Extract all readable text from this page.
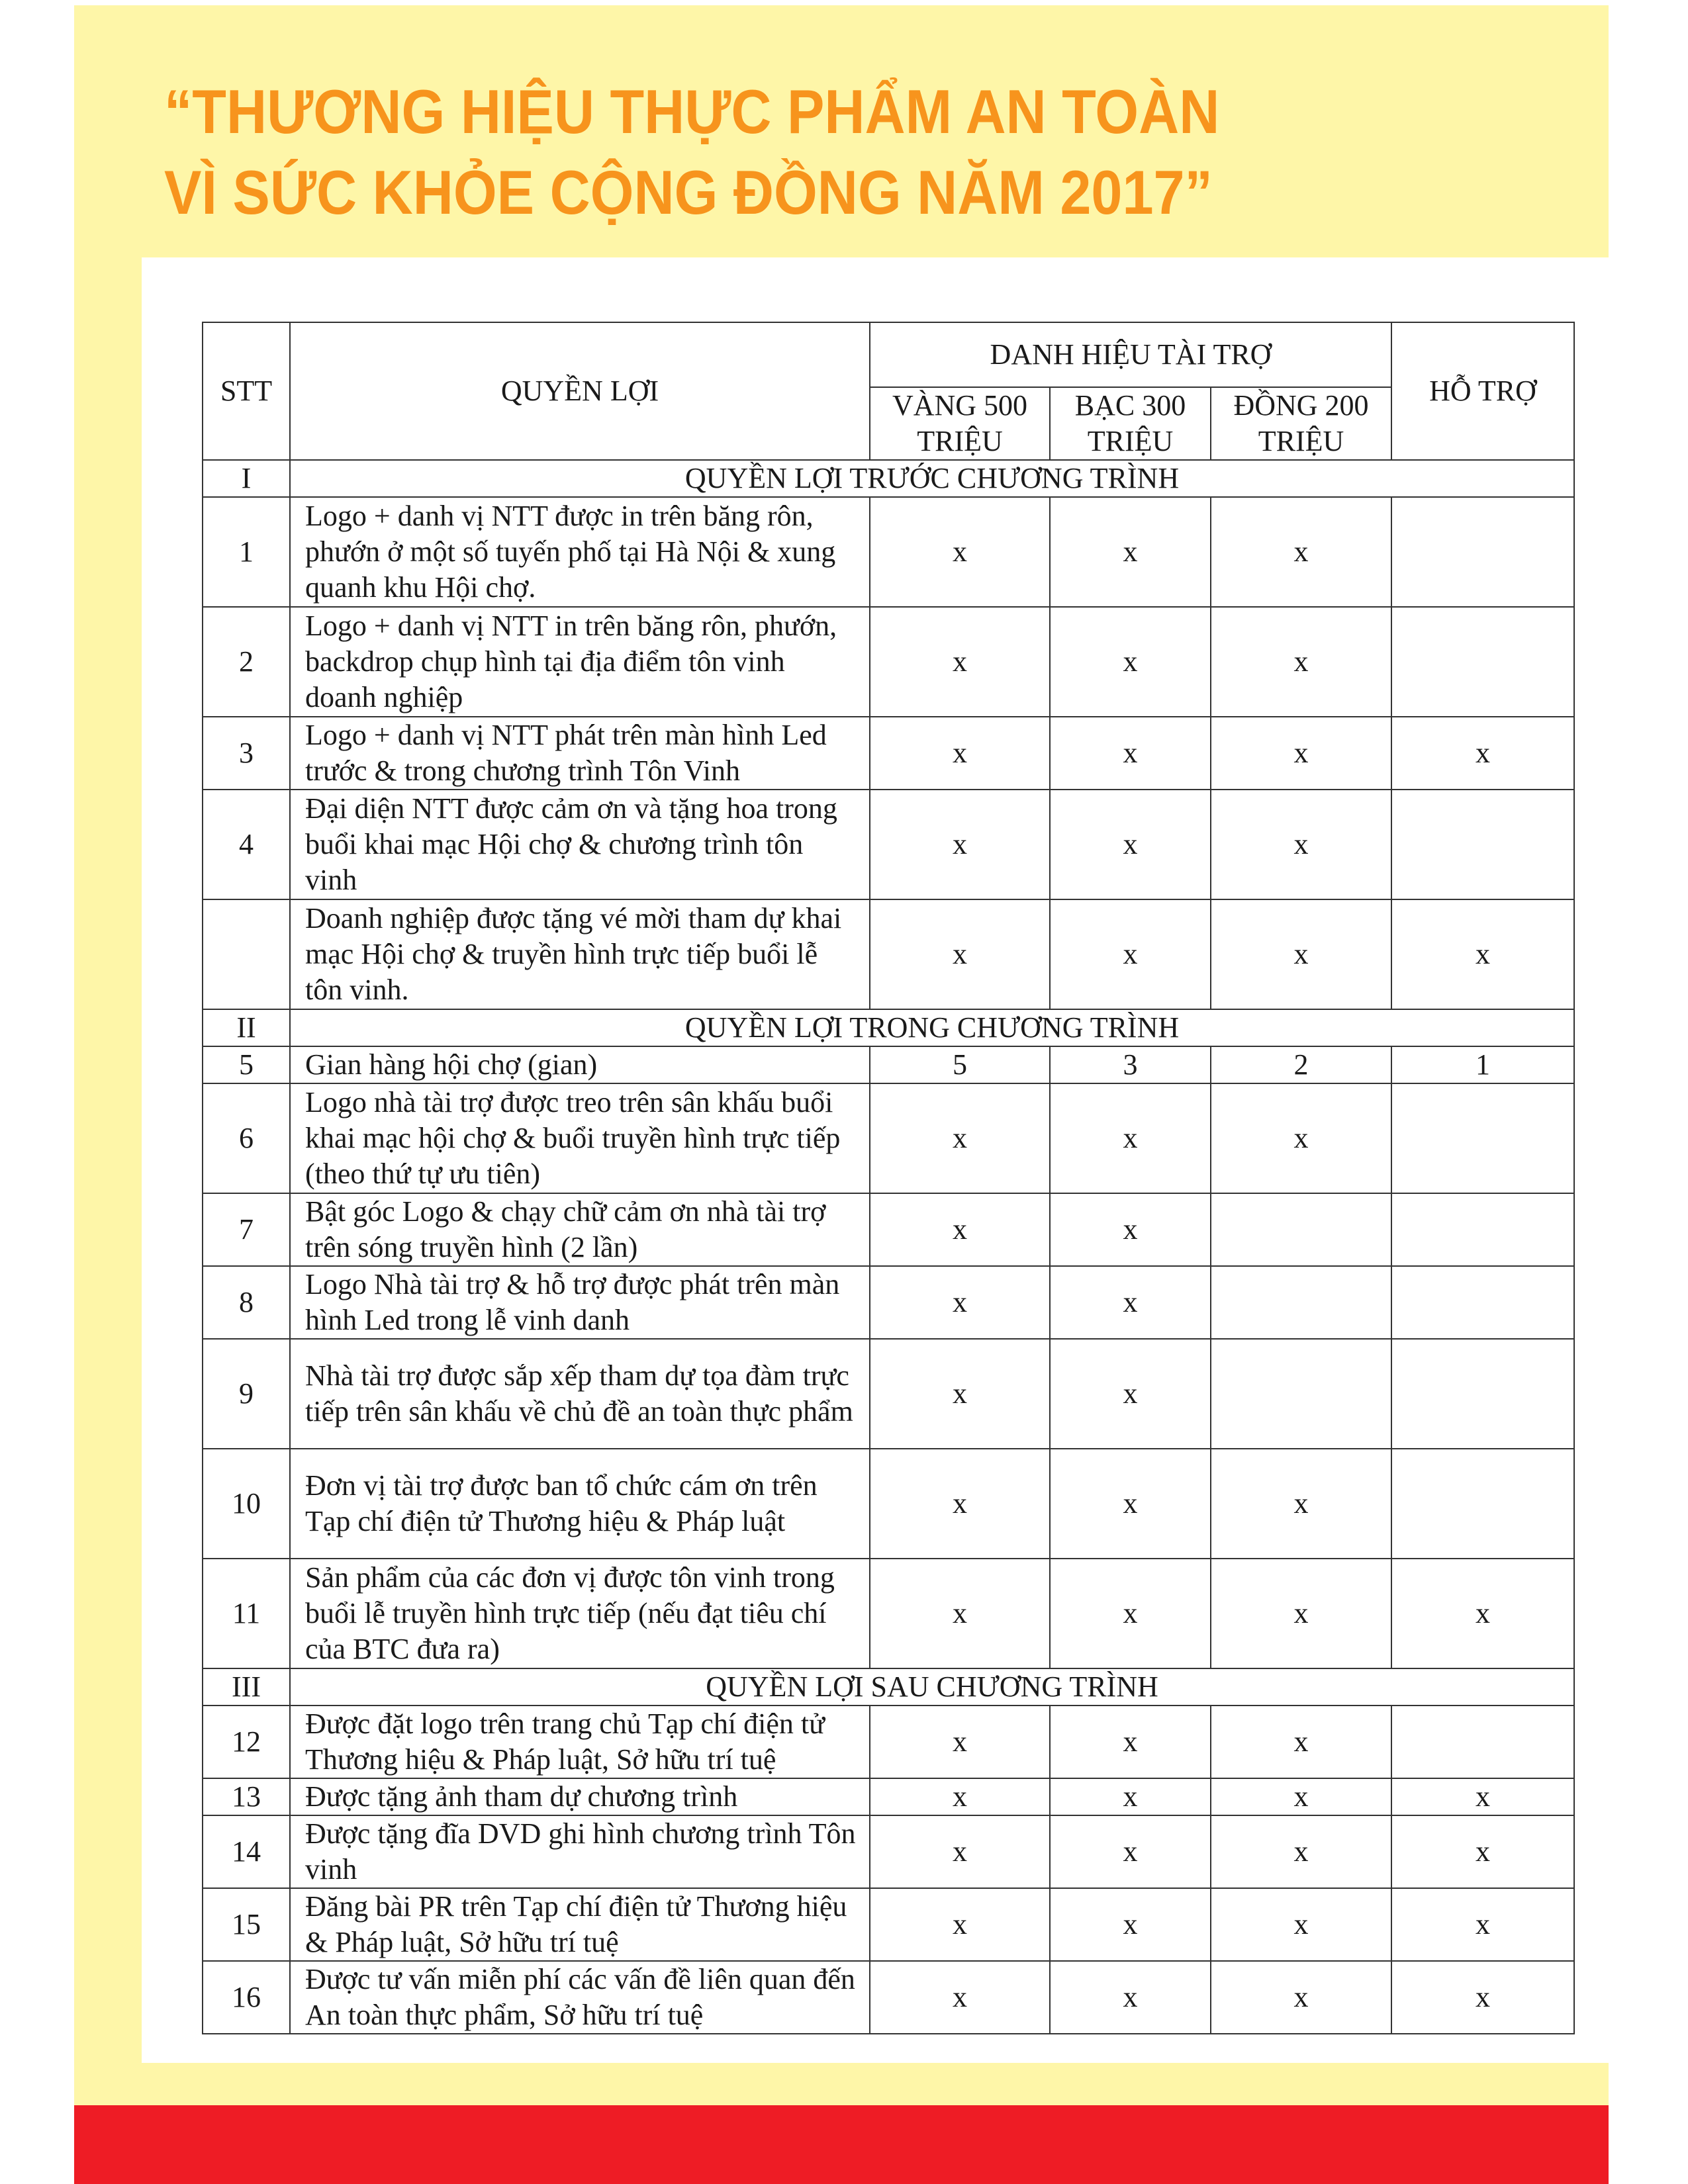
“THƯƠNG HIỆU THỰC PHẨM AN TOÀN
VÌ SỨC KHỎE CỘNG ĐỒNG NĂM 2017”
STT	QUYỀN LỢI	DANH HIỆU TÀI TRỢ			HỖ TRỢ
		VÀNG 500 TRIỆU	BẠC 300 TRIỆU	ĐỒNG 200 TRIỆU	
I	QUYỀN LỢI TRƯỚC CHƯƠNG TRÌNH				
1	Logo + danh vị NTT được in trên băng rôn, phướn ở một số tuyến phố tại Hà Nội & xung quanh khu Hội chợ.	x	x	x	
2	Logo + danh vị NTT in trên băng rôn, phướn, backdrop chụp hình tại địa điểm tôn vinh doanh nghiệp	x	x	x	
3	Logo + danh vị NTT phát trên màn hình Led trước & trong chương trình Tôn Vinh	x	x	x	x
4	Đại diện NTT được cảm ơn và tặng hoa trong buổi khai mạc Hội chợ & chương trình tôn vinh	x	x	x	
	Doanh nghiệp được tặng vé mời tham dự khai mạc Hội chợ & truyền hình trực tiếp buổi lễ tôn vinh.	x	x	x	x
II	QUYỀN LỢI TRONG CHƯƠNG TRÌNH				
5	Gian hàng hội chợ (gian)	5	3	2	1
6	Logo nhà tài trợ được treo trên sân khấu buổi khai mạc hội chợ & buổi truyền hình trực tiếp (theo thứ tự ưu tiên)	x	x	x	
7	Bật góc Logo & chạy chữ cảm ơn nhà tài trợ trên sóng truyền hình (2 lần)	x	x		
8	Logo Nhà tài trợ & hỗ trợ được phát trên màn hình Led trong lễ vinh danh	x	x		
9	Nhà tài trợ được sắp xếp tham dự tọa đàm trực tiếp trên sân khấu về chủ đề an toàn thực phẩm	x	x		
10	Đơn vị tài trợ được ban tổ chức cám ơn trên Tạp chí điện tử Thương hiệu & Pháp luật	x	x	x	
11	Sản phẩm của các đơn vị được tôn vinh trong buổi lễ truyền hình trực tiếp (nếu đạt tiêu chí của BTC đưa ra)	x	x	x	x
III	QUYỀN LỢI SAU CHƯƠNG TRÌNH				
12	Được đặt logo trên trang chủ Tạp chí điện tử Thương hiệu & Pháp luật, Sở hữu trí tuệ	x	x	x	
13	Được tặng ảnh tham dự chương trình	x	x	x	x
14	Được tặng đĩa DVD ghi hình chương trình Tôn vinh	x	x	x	x
15	Đăng bài PR trên Tạp chí điện tử Thương hiệu & Pháp luật, Sở hữu trí tuệ	x	x	x	x
16	Được tư vấn miễn phí các vấn đề liên quan đến An toàn thực phẩm, Sở hữu trí tuệ	x	x	x	x
